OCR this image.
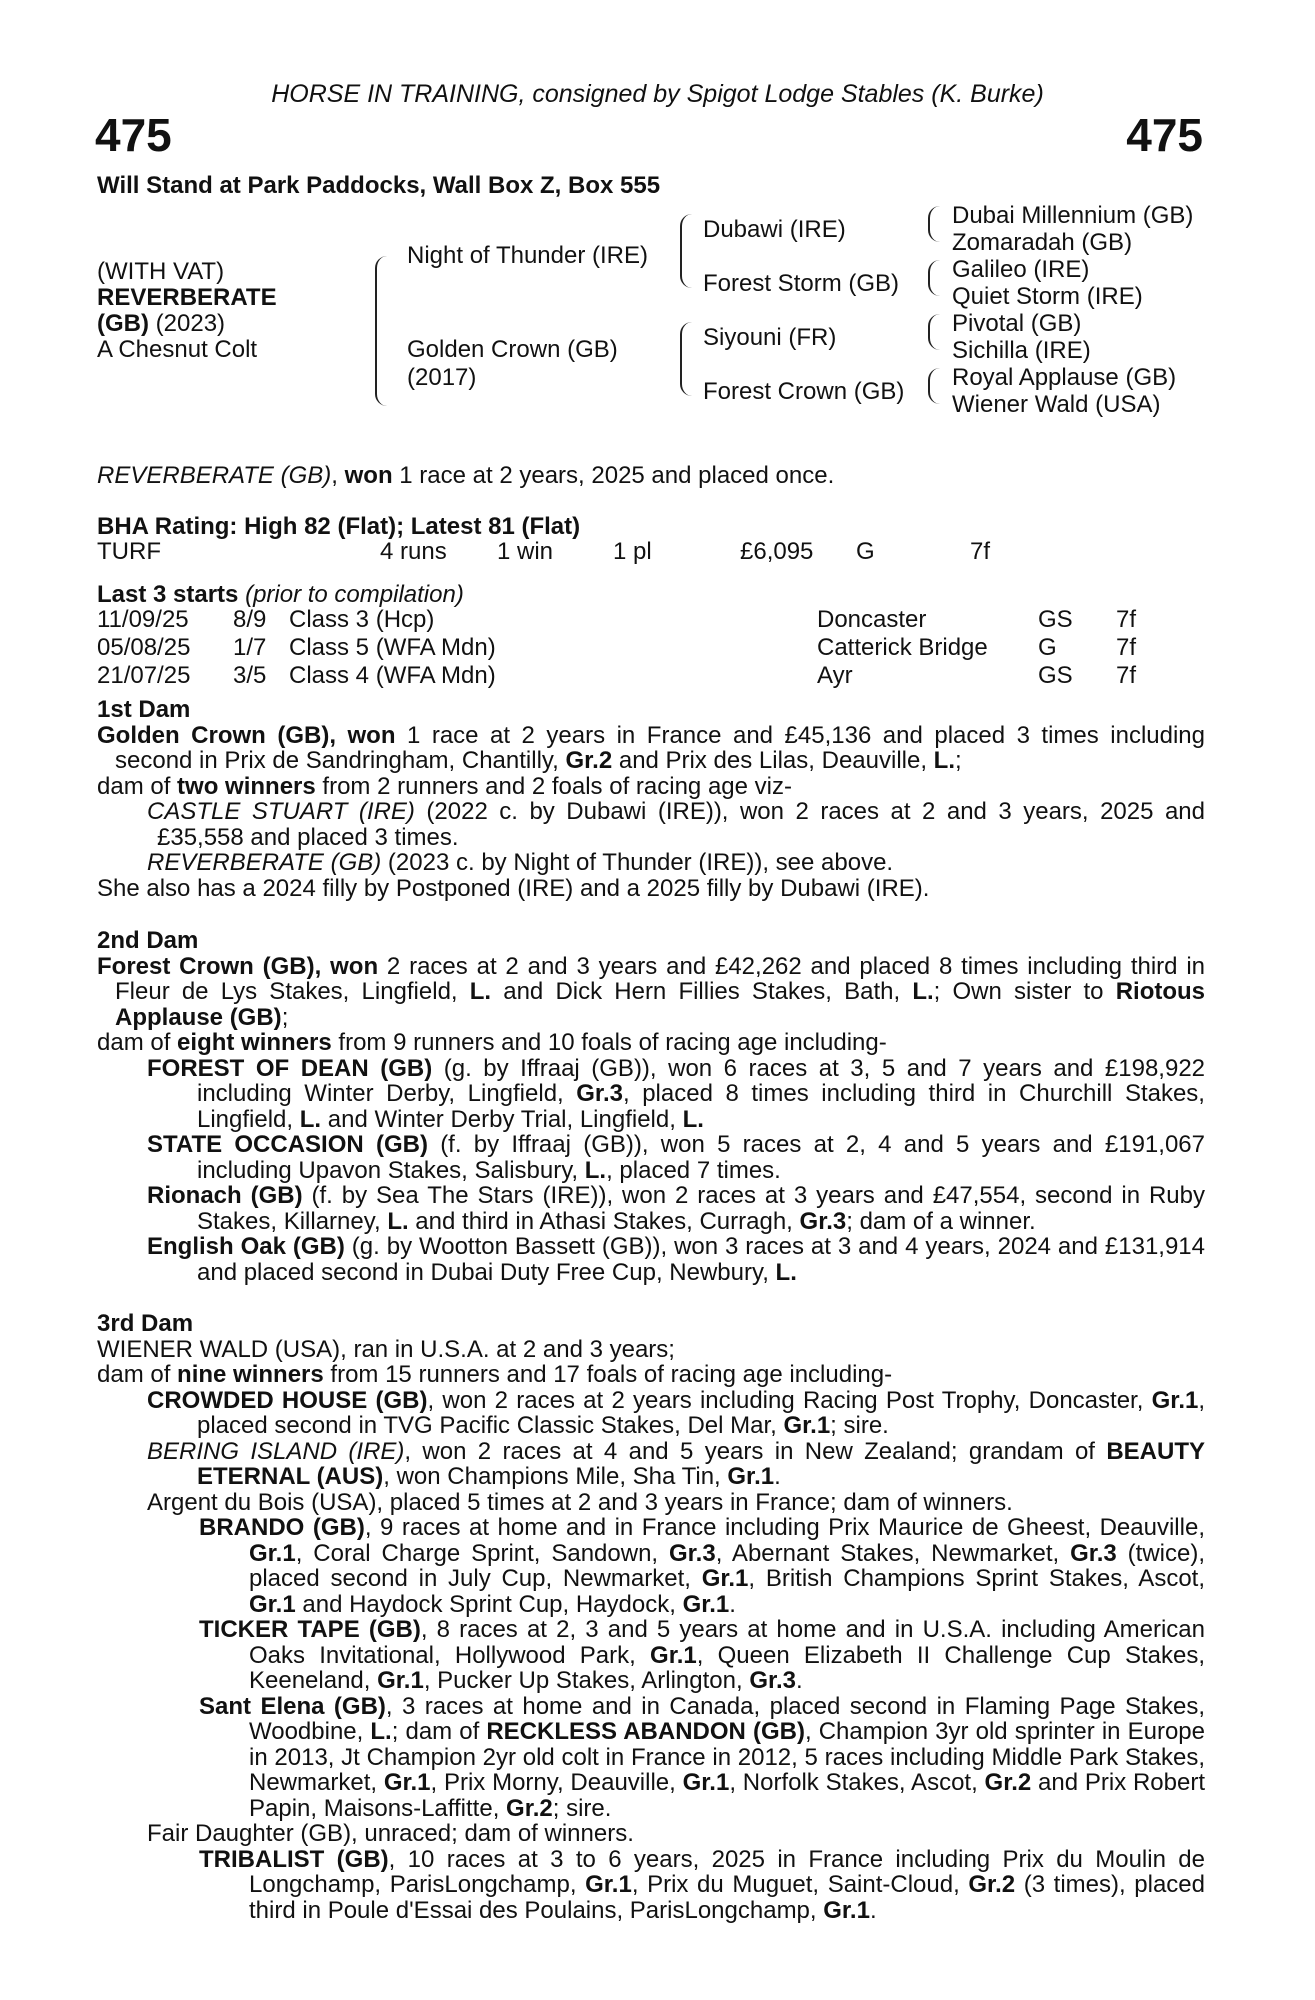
HORSE IN TRAINING, consigned by Spigot Lodge Stables (K. Burke)
475	475
Will Stand at Park Paddocks, Wall Box Z, Box 555
(WITH VAT)
REVERBERATE
(GB) (2023)
A Chesnut Colt
Night of Thunder (IRE)
Golden Crown (GB)
(2017)
Dubawi (IRE)
Forest Storm (GB)
Siyouni (FR)
Forest Crown (GB)
Dubai Millennium (GB)
Zomaradah (GB)
Galileo (IRE)
Quiet Storm (IRE)
Pivotal (GB)
Sichilla (IRE)
Royal Applause (GB)
Wiener Wald (USA)
REVERBERATE (GB), won 1 race at 2 years, 2025 and placed once.
BHA Rating: High 82 (Flat); Latest 81 (Flat)
TURF	4 runs 1 win 1 pl	£6,095 G	7f
Last 3 starts (prior to compilation)
11/09/25	8/9	Class 3 (Hcp)	Doncaster	GS	7f
05/08/25	1/7	Class 5 (WFA Mdn)	Catterick Bridge	G	7f
21/07/25	3/5	Class 4 (WFA Mdn)	Ayr	GS	7f

1st Dam

Golden Crown (GB), won 1 race at 2 years in France and £45,136 and placed 3 times including second in Prix de Sandringham, Chantilly, Gr.2 and Prix des Lilas, Deauville, L.;

dam of two winners from 2 runners and 2 foals of racing age viz-

CASTLE STUART (IRE) (2022 c. by Dubawi (IRE)), won 2 races at 2 and 3 years, 2025 and £35,558 and placed 3 times.

REVERBERATE (GB) (2023 c. by Night of Thunder (IRE)), see above.

She also has a 2024 filly by Postponed (IRE) and a 2025 filly by Dubawi (IRE).

2nd Dam

Forest Crown (GB), won 2 races at 2 and 3 years and £42,262 and placed 8 times including third in Fleur de Lys Stakes, Lingfield, L. and Dick Hern Fillies Stakes, Bath, L.; Own sister to Riotous Applause (GB);

dam of eight winners from 9 runners and 10 foals of racing age including-

FOREST OF DEAN (GB) (g. by Iffraaj (GB)), won 6 races at 3, 5 and 7 years and £198,922 including Winter Derby, Lingfield, Gr.3, placed 8 times including third in Churchill Stakes, Lingfield, L. and Winter Derby Trial, Lingfield, L.

STATE OCCASION (GB) (f. by Iffraaj (GB)), won 5 races at 2, 4 and 5 years and £191,067 including Upavon Stakes, Salisbury, L., placed 7 times.

Rionach (GB) (f. by Sea The Stars (IRE)), won 2 races at 3 years and £47,554, second in Ruby Stakes, Killarney, L. and third in Athasi Stakes, Curragh, Gr.3; dam of a winner.

English Oak (GB) (g. by Wootton Bassett (GB)), won 3 races at 3 and 4 years, 2024 and £131,914 and placed second in Dubai Duty Free Cup, Newbury, L.

3rd Dam

WIENER WALD (USA), ran in U.S.A. at 2 and 3 years;

dam of nine winners from 15 runners and 17 foals of racing age including-

CROWDED HOUSE (GB), won 2 races at 2 years including Racing Post Trophy, Doncaster, Gr.1, placed second in TVG Pacific Classic Stakes, Del Mar, Gr.1; sire.

BERING ISLAND (IRE), won 2 races at 4 and 5 years in New Zealand; grandam of BEAUTY ETERNAL (AUS), won Champions Mile, Sha Tin, Gr.1.

Argent du Bois (USA), placed 5 times at 2 and 3 years in France; dam of winners.

BRANDO (GB), 9 races at home and in France including Prix Maurice de Gheest, Deauville, Gr.1, Coral Charge Sprint, Sandown, Gr.3, Abernant Stakes, Newmarket, Gr.3 (twice), placed second in July Cup, Newmarket, Gr.1, British Champions Sprint Stakes, Ascot, Gr.1 and Haydock Sprint Cup, Haydock, Gr.1.

TICKER TAPE (GB), 8 races at 2, 3 and 5 years at home and in U.S.A. including American Oaks Invitational, Hollywood Park, Gr.1, Queen Elizabeth II Challenge Cup Stakes, Keeneland, Gr.1, Pucker Up Stakes, Arlington, Gr.3.

Sant Elena (GB), 3 races at home and in Canada, placed second in Flaming Page Stakes, Woodbine, L.; dam of RECKLESS ABANDON (GB), Champion 3yr old sprinter in Europe in 2013, Jt Champion 2yr old colt in France in 2012, 5 races including Middle Park Stakes, Newmarket, Gr.1, Prix Morny, Deauville, Gr.1, Norfolk Stakes, Ascot, Gr.2 and Prix Robert Papin, Maisons-Laffitte, Gr.2; sire.

Fair Daughter (GB), unraced; dam of winners.

TRIBALIST (GB), 10 races at 3 to 6 years, 2025 in France including Prix du Moulin de Longchamp, ParisLongchamp, Gr.1, Prix du Muguet, Saint-Cloud, Gr.2 (3 times), placed third in Poule d'Essai des Poulains, ParisLongchamp, Gr.1.
